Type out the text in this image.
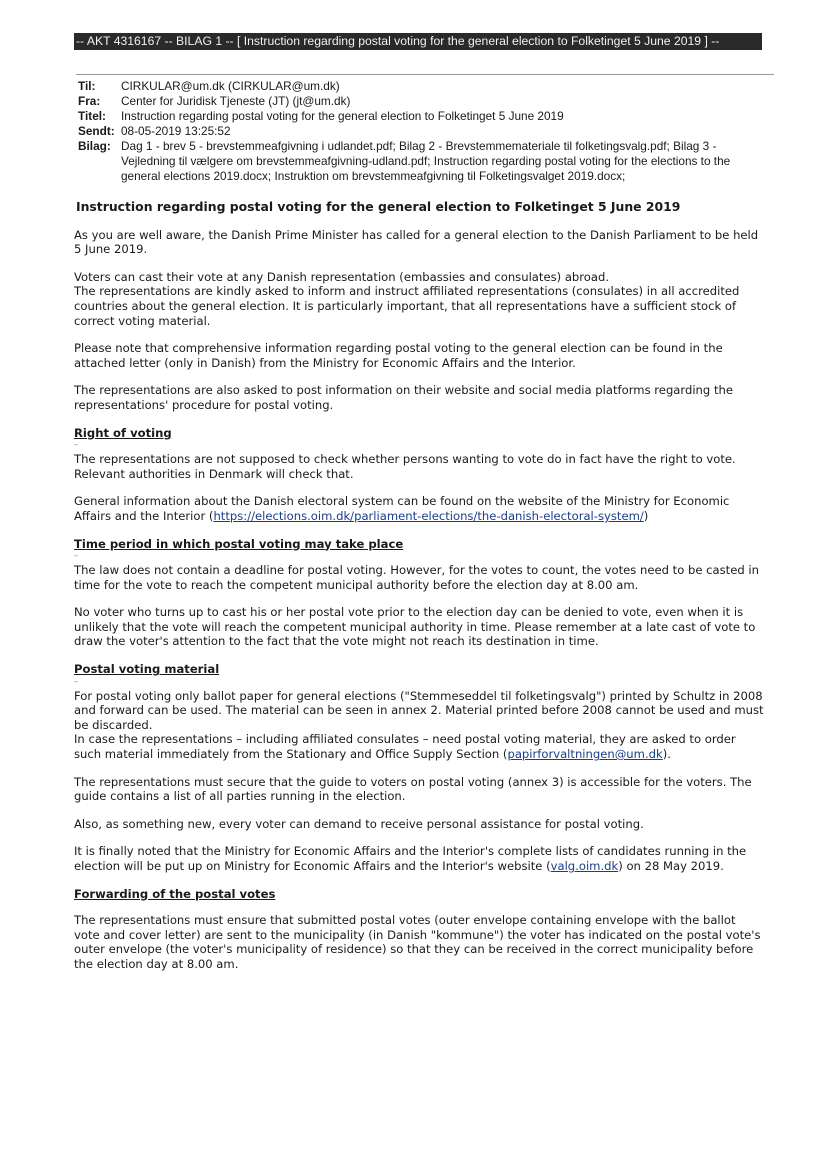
-- AKT 4316167 -- BILAG 1 -- [ Instruction regarding postal voting for the general election to Folketinget 5 June 2019 ] --
Til:	CIRKULAR@um.dk (CIRKULAR@um.dk)
Fra:	Center for Juridisk Tjeneste (JT) (jt@um.dk)
Titel:	Instruction regarding postal voting for the general election to Folketinget 5 June 2019
Sendt: 08-05-2019 13:25:52
Bilag: Dag 1 - brev 5 - brevstemmeafgivning i udlandet.pdf; Bilag 2 - Brevstemmemateriale til folketingsvalg.pdf; Bilag 3 - Vejledning til vælgere om brevstemmeafgivning-udland.pdf; Instruction regarding postal voting for the elections to the general elections 2019.docx; Instruktion om brevstemmeafgivning til Folketingsvalget 2019.docx;
Instruction regarding postal voting for the general election to Folketinget 5 June 2019

As you are well aware, the Danish Prime Minister has called for a general election to the Danish Parliament to be held 5 June 2019.

Voters can cast their vote at any Danish representation (embassies and consulates) abroad.
The representations are kindly asked to inform and instruct affiliated representations (consulates) in all accredited countries about the general election. It is particularly important, that all representations have a sufficient stock of correct voting material.

Please note that comprehensive information regarding postal voting to the general election can be found in the attached letter (only in Danish) from the Ministry for Economic Affairs and the Interior.

The representations are also asked to post information on their website and social media platforms regarding the representations' procedure for postal voting.

Right of voting
–

The representations are not supposed to check whether persons wanting to vote do in fact have the right to vote. Relevant authorities in Denmark will check that.

General information about the Danish electoral system can be found on the website of the Ministry for Economic Affairs and the Interior (https://elections.oim.dk/parliament-elections/the-danish-electoral-system/)

Time period in which postal voting may take place
–

The law does not contain a deadline for postal voting. However, for the votes to count, the votes need to be casted in time for the vote to reach the competent municipal authority before the election day at 8.00 am.

No voter who turns up to cast his or her postal vote prior to the election day can be denied to vote, even when it is unlikely that the vote will reach the competent municipal authority in time. Please remember at a late cast of vote to draw the voter's attention to the fact that the vote might not reach its destination in time.

Postal voting material
–

For postal voting only ballot paper for general elections ("Stemmeseddel til folketingsvalg") printed by Schultz in 2008 and forward can be used. The material can be seen in annex 2. Material printed before 2008 cannot be used and must be discarded.
In case the representations – including affiliated consulates – need postal voting material, they are asked to order such material immediately from the Stationary and Office Supply Section (papirforvaltningen@um.dk).

The representations must secure that the guide to voters on postal voting (annex 3) is accessible for the voters. The guide contains a list of all parties running in the election.

Also, as something new, every voter can demand to receive personal assistance for postal voting.

It is finally noted that the Ministry for Economic Affairs and the Interior's complete lists of candidates running in the election will be put up on Ministry for Economic Affairs and the Interior's website (valg.oim.dk) on 28 May 2019.

Forwarding of the postal votes

The representations must ensure that submitted postal votes (outer envelope containing envelope with the ballot vote and cover letter) are sent to the municipality (in Danish "kommune") the voter has indicated on the postal vote's outer envelope (the voter's municipality of residence) so that they can be received in the correct municipality before the election day at 8.00 am.
